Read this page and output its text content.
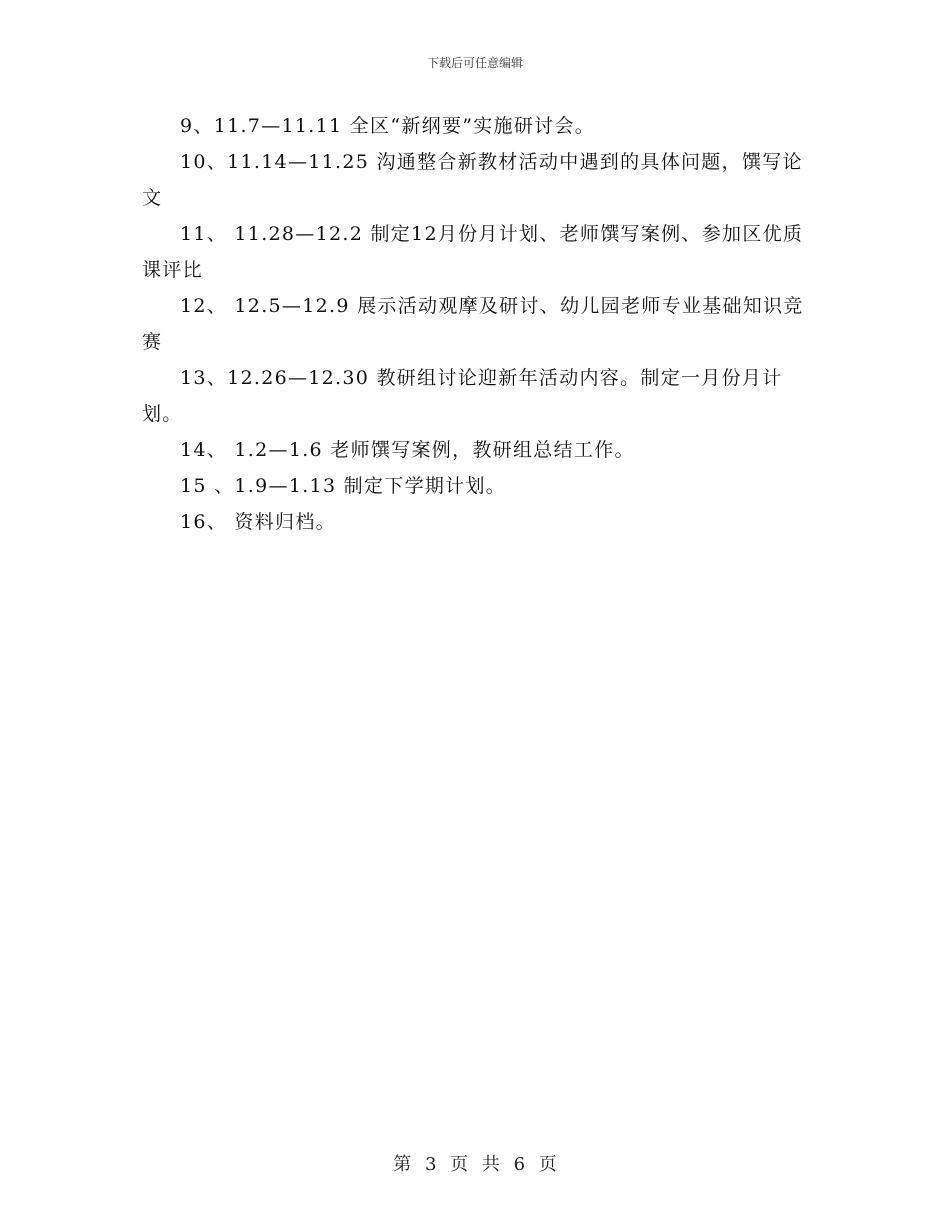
下载后可任意编辑

9、11.7—11.11 全区“新纲要”实施研讨会。

10、11.14—11.25 沟通整合新教材活动中遇到的具体问题，馔写论文

11、 11.28—12.2 制定12月份月计划、老师馔写案例、参加区优质课评比

12、 12.5—12.9 展示活动观摩及研讨、幼儿园老师专业基础知识竞赛

13、12.26—12.30 教研组讨论迎新年活动内容。制定一月份月计划。

14、 1.2—1.6 老师馔写案例，教研组总结工作。

15 、1.9—1.13 制定下学期计划。

16、 资料归档。

第 3 页 共 6 页
